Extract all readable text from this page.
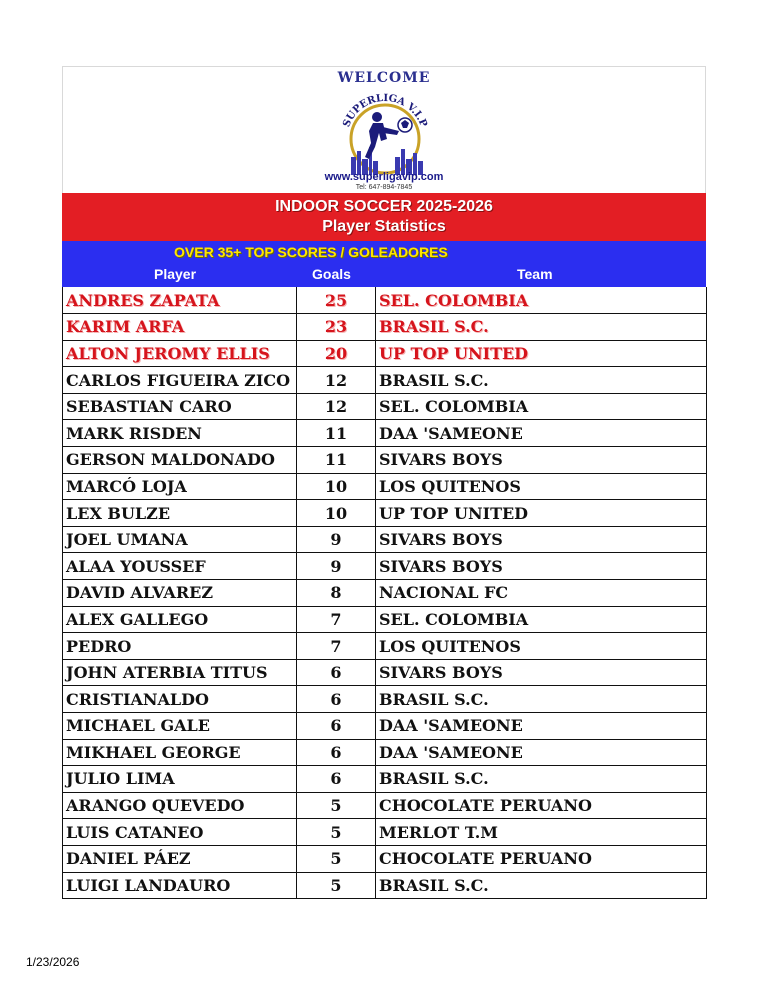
WELCOME
SUPERLIGA V.I.P
www.superligavip.com
Tel: 647-894-7845
INDOOR SOCCER 2025-2026
Player Statistics
OVER 35+ TOP SCORES / GOLEADORES
Player	Goals	Team
ANDRES ZAPATA	25	SEL. COLOMBIA
KARIM ARFA	23	BRASIL S.C.
ALTON JEROMY ELLIS	20	UP TOP UNITED
CARLOS FIGUEIRA ZICO	12	BRASIL S.C.
SEBASTIAN CARO	12	SEL. COLOMBIA
MARK RISDEN	11	DAA 'SAMEONE
GERSON MALDONADO	11	SIVARS BOYS
MARCÓ LOJA	10	LOS QUITENOS
LEX BULZE	10	UP TOP UNITED
JOEL UMANA	9	SIVARS BOYS
ALAA YOUSSEF	9	SIVARS BOYS
DAVID ALVAREZ	8	NACIONAL FC
ALEX GALLEGO	7	SEL. COLOMBIA
PEDRO	7	LOS QUITENOS
JOHN ATERBIA TITUS	6	SIVARS BOYS
CRISTIANALDO	6	BRASIL S.C.
MICHAEL GALE	6	DAA 'SAMEONE
MIKHAEL GEORGE	6	DAA 'SAMEONE
JULIO LIMA	6	BRASIL S.C.
ARANGO QUEVEDO	5	CHOCOLATE PERUANO
LUIS CATANEO	5	MERLOT T.M
DANIEL PÁEZ	5	CHOCOLATE PERUANO
LUIGI LANDAURO	5	BRASIL S.C.
1/23/2026
